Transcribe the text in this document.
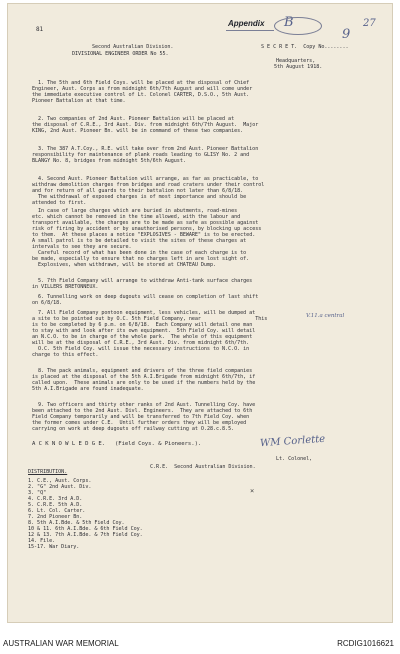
81
Appendix B	27
9
Second Australian Division.
DIVISIONAL ENGINEER ORDER No 55.
S E C R E T.  Copy No........
Headquarters,
5th August 1918.
1. The 5th and 6th Field Coys. will be placed at the disposal of Chief
Engineer, Aust. Corps as from midnight 6th/7th August and will come under
the immediate executive control of Lt. Colonel CARTER, D.S.O., 5th Aust.
Pioneer Battalion at that time.
2. Two companies of 2nd Aust. Pioneer Battalion will be placed at
the disposal of C.R.E., 3rd Aust. Div. from midnight 6th/7th August.  Major
KING, 2nd Aust. Pioneer Bn. will be in command of these two companies.
3. The 387 A.T.Coy., R.E. will take over from 2nd Aust. Pioneer Battalion
responsibility for maintenance of plank roads leading to GLISY No. 2 and
BLANGY No. 8, bridges from midnight 5th/6th August.
4. Second Aust. Pioneer Battalion will arrange, as far as practicable, to
withdraw demolition charges from bridges and road craters under their control
and for return of all guards to their battalion not later than 6/8/18.
The withdrawal of exposed charges is of most importance and should be
attended to first.
In case of large charges which are buried in abutments, road-mines
etc. which cannot be removed in the time allowed, with the labour and
transport available, the charges are to be made as safe as possible against
risk of firing by accident or by unauthorised persons, by blocking up access
to them.  At these places a notice "EXPLOSIVES - BEWARE" is to be erected.
A small patrol is to be detailed to visit the sites of these charges at
intervals to see they are secure.
Careful record of what has been done in the case of each charge is to
be made, especially to ensure that no charges left in are lost sight of.
Explosives, when withdrawn, will be stored at CHATEAU Dump.
5. 7th Field Company will arrange to withdraw Anti-tank surface charges
in VILLERS BRETONNEUX.
6. Tunnelling work on deep dugouts will cease on completion of last shift
on 6/8/18.
7. All Field Company pontoon equipment, less vehicles, will be dumped at
a site to be pointed out by O.C. 5th Field Company, near                  This	V.11.a central
is to be completed by 6 p.m. on 6/8/18.  Each Company will detail one man
to stay with and look after its own equipment.  5th Field Coy. will detail
an N.C.O. to be in charge of the whole park.  The whole of this equipment
will be at the disposal of C.R.E., 3rd Aust. Div. from midnight 6th/7th.
O.C. 5th Field Coy. will issue the necessary instructions to N.C.O. in
charge to this effect.
8. The pack animals, equipment and drivers of the three field companies
is placed at the disposal of the 5th A.I.Brigade from midnight 6th/7th, if
called upon.  These animals are only to be used if the numbers held by the
5th A.I.Brigade are found inadequate.
9. Two officers and thirty other ranks of 2nd Aust. Tunnelling Coy. have
been attached to the 2nd Aust. Divl. Engineers.  They are attached to 6th
Field Company temporarily and will be transferred to 7th Field Coy. when
the former comes under C.E.  Until further orders they will be employed
carrying on work at deep dugouts off railway cutting at O.28.c.8.5.
A C K N O W L E D G E.   (Field Coys. & Pioneers.).	WM Corlette
Lt. Colonel,
C.R.E.  Second Australian Division.
DISTRIBUTION.
1. C.E., Aust. Corps.
2. "G" 2nd Aust. Div.
3. "Q"
4. C.R.E. 3rd A.D.
5. C.R.E. 5th A.D.
6. Lt. Col. Carter.
7. 2nd Pioneer Bn.
8. 5th A.I.Bde. & 5th Field Coy.
10 & 11. 6th A.I.Bde. & 6th Field Coy.
12 & 13. 7th A.I.Bde. & 7th Field Coy.
14. File.
15-17. War Diary.
×
AUSTRALIAN WAR MEMORIAL	RCDIG1016621
